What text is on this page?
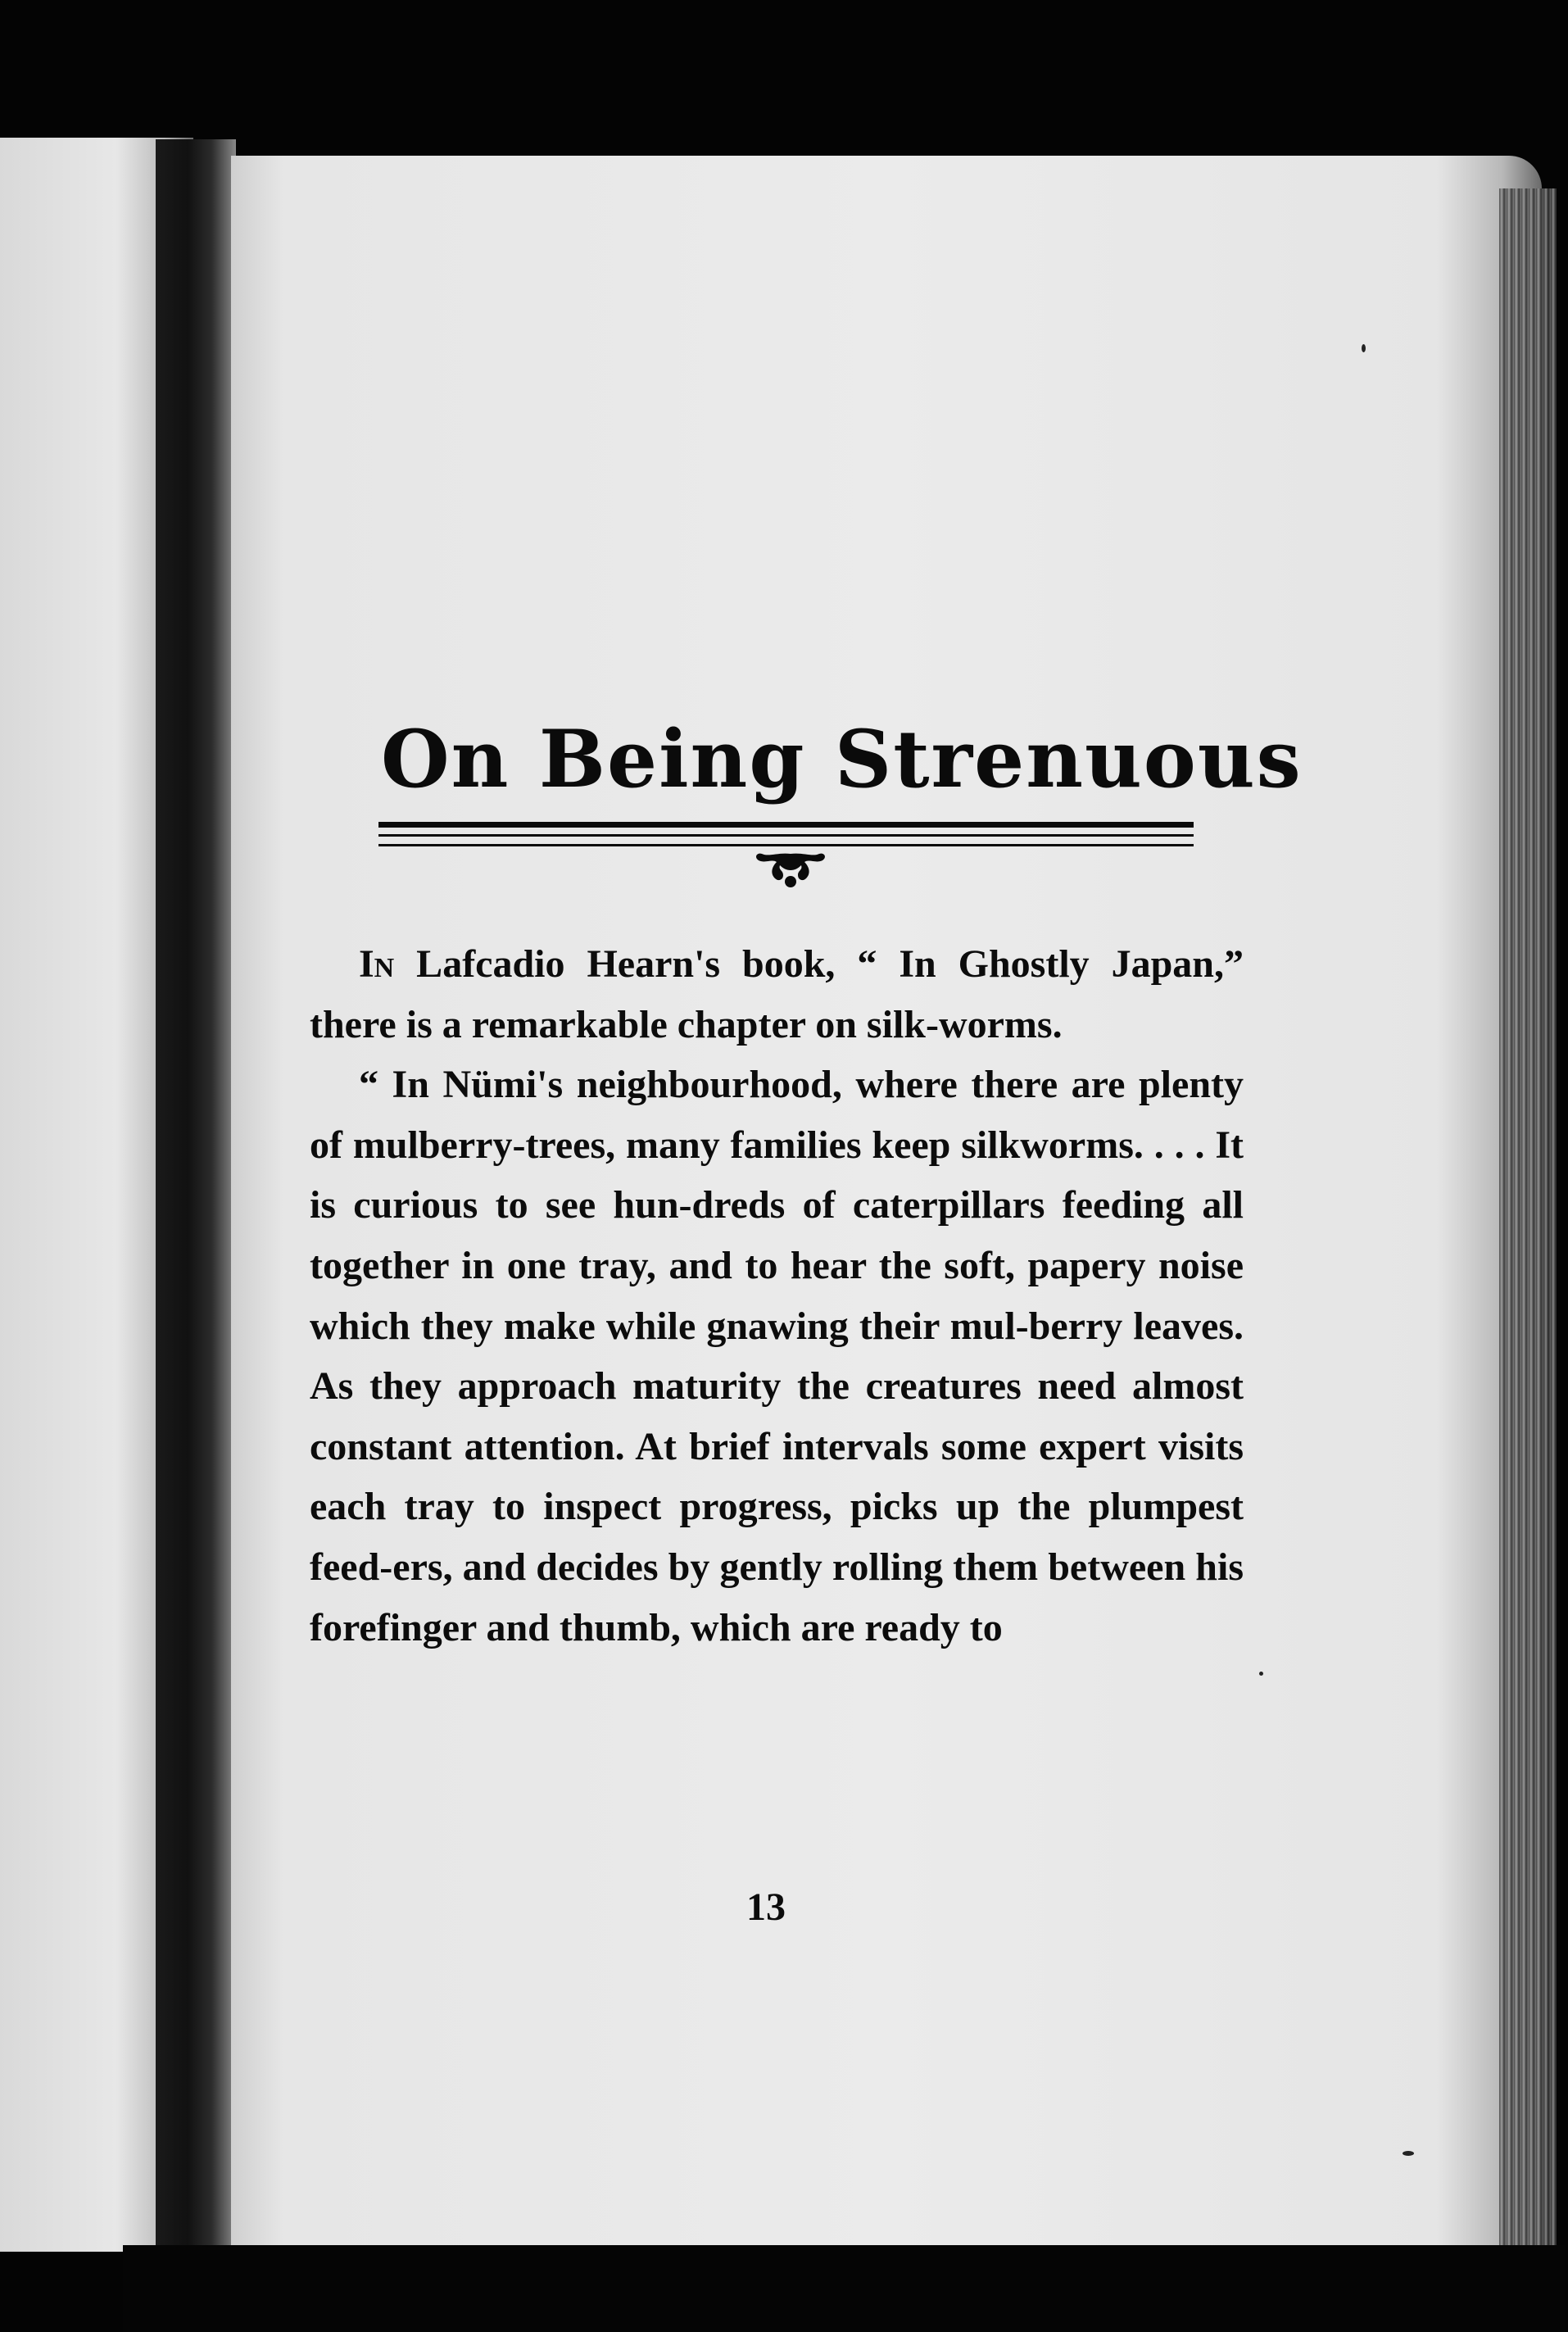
On Being Strenuous

In Lafcadio Hearn's book, “ In Ghostly Japan,” there is a remarkable chapter on silk-worms.

“ In Nümi's neighbourhood, where there are plenty of mulberry-trees, many families keep silkworms. . . . It is curious to see hun-dreds of caterpillars feeding all together in one tray, and to hear the soft, papery noise which they make while gnawing their mul-berry leaves. As they approach maturity the creatures need almost constant attention. At brief intervals some expert visits each tray to inspect progress, picks up the plumpest feed-ers, and decides by gently rolling them between his forefinger and thumb, which are ready to

13
